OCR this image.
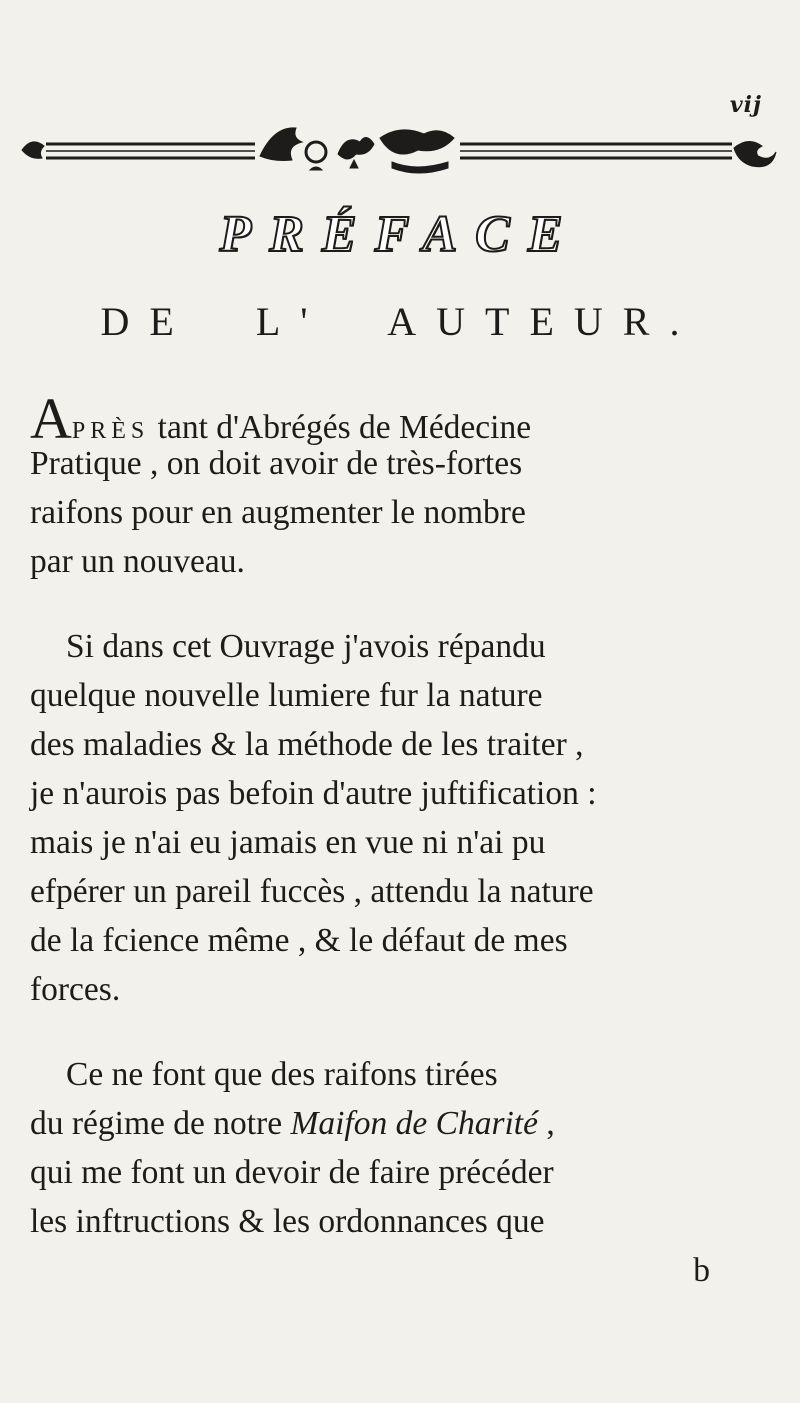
vij
PRÉFACE
DE L' AUTEUR.
APRÈS tant d'Abrégés de Médecine
Pratique , on doit avoir de très-fortes
raifons pour en augmenter le nombre
par un nouveau.
Si dans cet Ouvrage j'avois répandu
quelque nouvelle lumiere fur la nature
des maladies & la méthode de les traiter ,
je n'aurois pas befoin d'autre juftification :
mais je n'ai eu jamais en vue ni n'ai pu
efpérer un pareil fuccès , attendu la nature
de la fcience même , & le défaut de mes
forces.
Ce ne font que des raifons tirées
du régime de notre Maifon de Charité ,
qui me font un devoir de faire précéder
les inftructions & les ordonnances que
b
